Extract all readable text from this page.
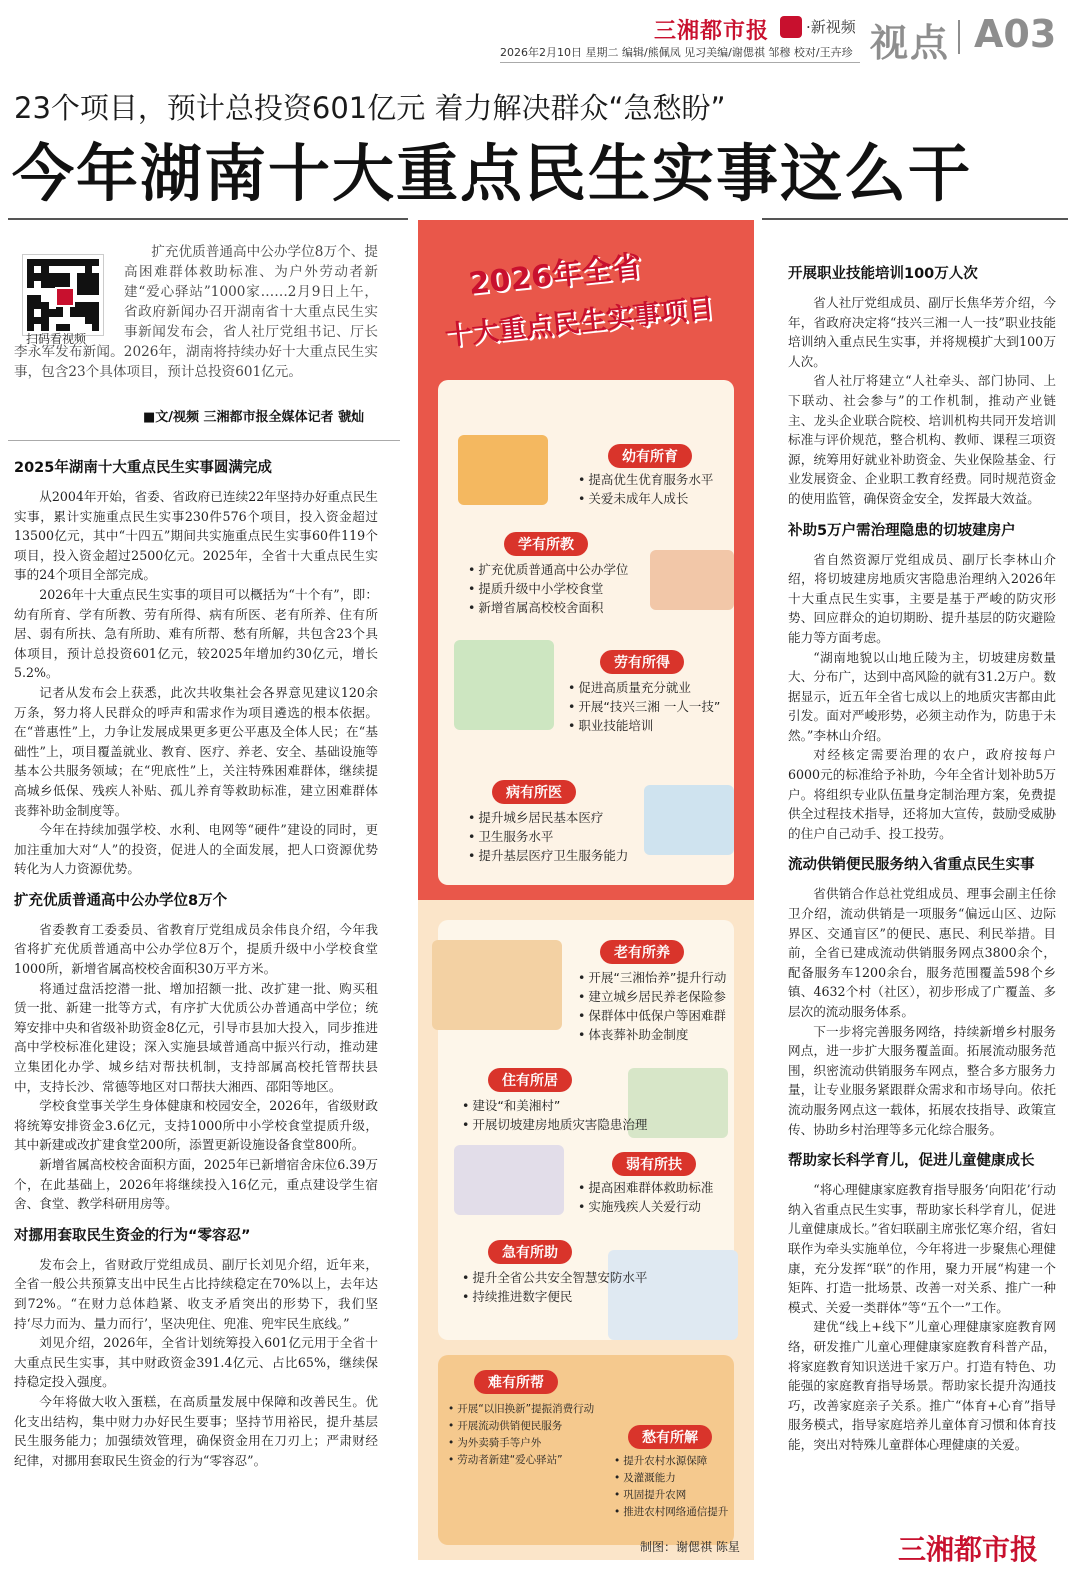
三湘都市报 ·新视频 视点 A03
2026年2月10日 星期二 编辑/熊佩凤 见习美编/谢偲祺 邹穆 校对/王卉珍
23个项目，预计总投资601亿元 着力解决群众“急愁盼”
今年湖南十大重点民生实事这么干
扫码看视频
扩充优质普通高中公办学位8万个、提高困难群体救助标准、为户外劳动者新建“爱心驿站”1000家……2月9日上午，省政府新闻办召开湖南省十大重点民生实事新闻发布会，省人社厅党组书记、厅长李永军发布新闻。2026年，湖南将持续办好十大重点民生实事，包含23个具体项目，预计总投资601亿元。
■文/视频 三湘都市报全媒体记者 虢灿
2025年湖南十大重点民生实事圆满完成

从2004年开始，省委、省政府已连续22年坚持办好重点民生实事，累计实施重点民生实事230件576个项目，投入资金超过13500亿元，其中“十四五”期间共实施重点民生实事60件119个项目，投入资金超过2500亿元。2025年，全省十大重点民生实事的24个项目全部完成。

2026年十大重点民生实事的项目可以概括为“十个有”，即：幼有所育、学有所教、劳有所得、病有所医、老有所养、住有所居、弱有所扶、急有所助、难有所帮、愁有所解，共包含23个具体项目，预计总投资601亿元，较2025年增加约30亿元，增长5.2%。

记者从发布会上获悉，此次共收集社会各界意见建议120余万条，努力将人民群众的呼声和需求作为项目遴选的根本依据。在“普惠性”上，力争让发展成果更多更公平惠及全体人民；在“基础性”上，项目覆盖就业、教育、医疗、养老、安全、基础设施等基本公共服务领域；在“兜底性”上，关注特殊困难群体，继续提高城乡低保、残疾人补贴、孤儿养育等救助标准，建立困难群体丧葬补助金制度等。

今年在持续加强学校、水利、电网等“硬件”建设的同时，更加注重加大对“人”的投资，促进人的全面发展，把人口资源优势转化为人力资源优势。

扩充优质普通高中公办学位8万个

省委教育工委委员、省教育厅党组成员余伟良介绍，今年我省将扩充优质普通高中公办学位8万个，提质升级中小学校食堂1000所，新增省属高校校舍面积30万平方米。

将通过盘活挖潜一批、增加招额一批、改扩建一批、购买租赁一批、新建一批等方式，有序扩大优质公办普通高中学位；统筹安排中央和省级补助资金8亿元，引导市县加大投入，同步推进高中学校标准化建设；深入实施县域普通高中振兴行动，推动建立集团化办学、城乡结对帮扶机制，支持部属高校托管帮扶县中，支持长沙、常德等地区对口帮扶大湘西、邵阳等地区。

学校食堂事关学生身体健康和校园安全，2026年，省级财政将统筹安排资金3.6亿元，支持1000所中小学校食堂提质升级，其中新建或改扩建食堂200所，添置更新设施设备食堂800所。

新增省属高校校舍面积方面，2025年已新增宿舍床位6.39万个，在此基础上，2026年将继续投入16亿元，重点建设学生宿舍、食堂、教学科研用房等。

对挪用套取民生资金的行为“零容忍”

发布会上，省财政厅党组成员、副厅长刘见介绍，近年来，全省一般公共预算支出中民生占比持续稳定在70%以上，去年达到72%。“在财力总体趋紧、收支矛盾突出的形势下，我们坚持‘尽力而为、量力而行’，坚决兜住、兜准、兜牢民生底线。”

刘见介绍，2026年，全省计划统筹投入601亿元用于全省十大重点民生实事，其中财政资金391.4亿元、占比65%，继续保持稳定投入强度。

今年将做大收入蛋糕，在高质量发展中保障和改善民生。优化支出结构，集中财力办好民生要事；坚持节用裕民，提升基层民生服务能力；加强绩效管理，确保资金用在刀刃上；严肃财经纪律，对挪用套取民生资金的行为“零容忍”。

2026年全省
十大重点民生实事项目
幼有所育
• 提高优生优育服务水平
• 关爱未成年人成长
学有所教
• 扩充优质普通高中公办学位
• 提质升级中小学校食堂
• 新增省属高校校舍面积
劳有所得
• 促进高质量充分就业
• 开展“技兴三湘 一人一技”
• 职业技能培训
病有所医
• 提升城乡居民基本医疗
• 卫生服务水平
• 提升基层医疗卫生服务能力
老有所养
• 开展“三湘怡养”提升行动
• 建立城乡居民养老保险参
• 保群体中低保户等困难群
• 体丧葬补助金制度
住有所居
• 建设“和美湘村”
• 开展切坡建房地质灾害隐患治理
弱有所扶
• 提高困难群体救助标准
• 实施残疾人关爱行动
急有所助
• 提升全省公共安全智慧安防水平
• 持续推进数字便民
难有所帮
• 开展“以旧换新”提振消费行动
• 开展流动供销便民服务
• 为外卖骑手等户外
• 劳动者新建“爱心驿站”
愁有所解
• 提升农村水源保障
• 及灌溉能力
• 巩固提升农网
• 推进农村网络通信提升
制图：谢偲祺 陈星
开展职业技能培训100万人次

省人社厅党组成员、副厅长焦华芳介绍，今年，省政府决定将“技兴三湘一人一技”职业技能培训纳入重点民生实事，并将规模扩大到100万人次。

省人社厅将建立“人社牵头、部门协同、上下联动、社会参与”的工作机制，推动产业链主、龙头企业联合院校、培训机构共同开发培训标准与评价规范，整合机构、教师、课程三项资源，统筹用好就业补助资金、失业保险基金、行业发展资金、企业职工教育经费。同时规范资金的使用监管，确保资金安全，发挥最大效益。

补助5万户需治理隐患的切坡建房户

省自然资源厅党组成员、副厅长李林山介绍，将切坡建房地质灾害隐患治理纳入2026年十大重点民生实事，主要是基于严峻的防灾形势、回应群众的迫切期盼、提升基层的防灾避险能力等方面考虑。

“湖南地貌以山地丘陵为主，切坡建房数量大、分布广，达到中高风险的就有31.2万户。数据显示，近五年全省七成以上的地质灾害都由此引发。面对严峻形势，必须主动作为，防患于未然。”李林山介绍。

对经核定需要治理的农户，政府按每户6000元的标准给予补助，今年全省计划补助5万户。将组织专业队伍量身定制治理方案，免费提供全过程技术指导，还将加大宣传，鼓励受威胁的住户自己动手、投工投劳。

流动供销便民服务纳入省重点民生实事

省供销合作总社党组成员、理事会副主任徐卫介绍，流动供销是一项服务“偏远山区、边际界区、交通盲区”的便民、惠民、利民举措。目前，全省已建成流动供销服务网点3800余个，配备服务车1200余台，服务范围覆盖598个乡镇、4632个村（社区），初步形成了广覆盖、多层次的流动服务体系。

下一步将完善服务网络，持续新增乡村服务网点，进一步扩大服务覆盖面。拓展流动服务范围，织密流动供销服务车网点，整合多方服务力量，让专业服务紧跟群众需求和市场导向。依托流动服务网点这一载体，拓展农技指导、政策宣传、协助乡村治理等多元化综合服务。

帮助家长科学育儿，促进儿童健康成长

“将心理健康家庭教育指导服务‘向阳花’行动纳入省重点民生实事，帮助家长科学育儿，促进儿童健康成长。”省妇联副主席张忆寒介绍，省妇联作为牵头实施单位，今年将进一步聚焦心理健康，充分发挥“联”的作用，聚力开展“构建一个矩阵、打造一批场景、改善一对关系、推广一种模式、关爱一类群体”等“五个一”工作。

建优“线上+线下”儿童心理健康家庭教育网络，研发推广儿童心理健康家庭教育科普产品，将家庭教育知识送进千家万户。打造有特色、功能强的家庭教育指导场景。帮助家长提升沟通技巧，改善家庭亲子关系。推广“体育+心育”指导服务模式，指导家庭培养儿童体育习惯和体育技能，突出对特殊儿童群体心理健康的关爱。

三湘都市报
